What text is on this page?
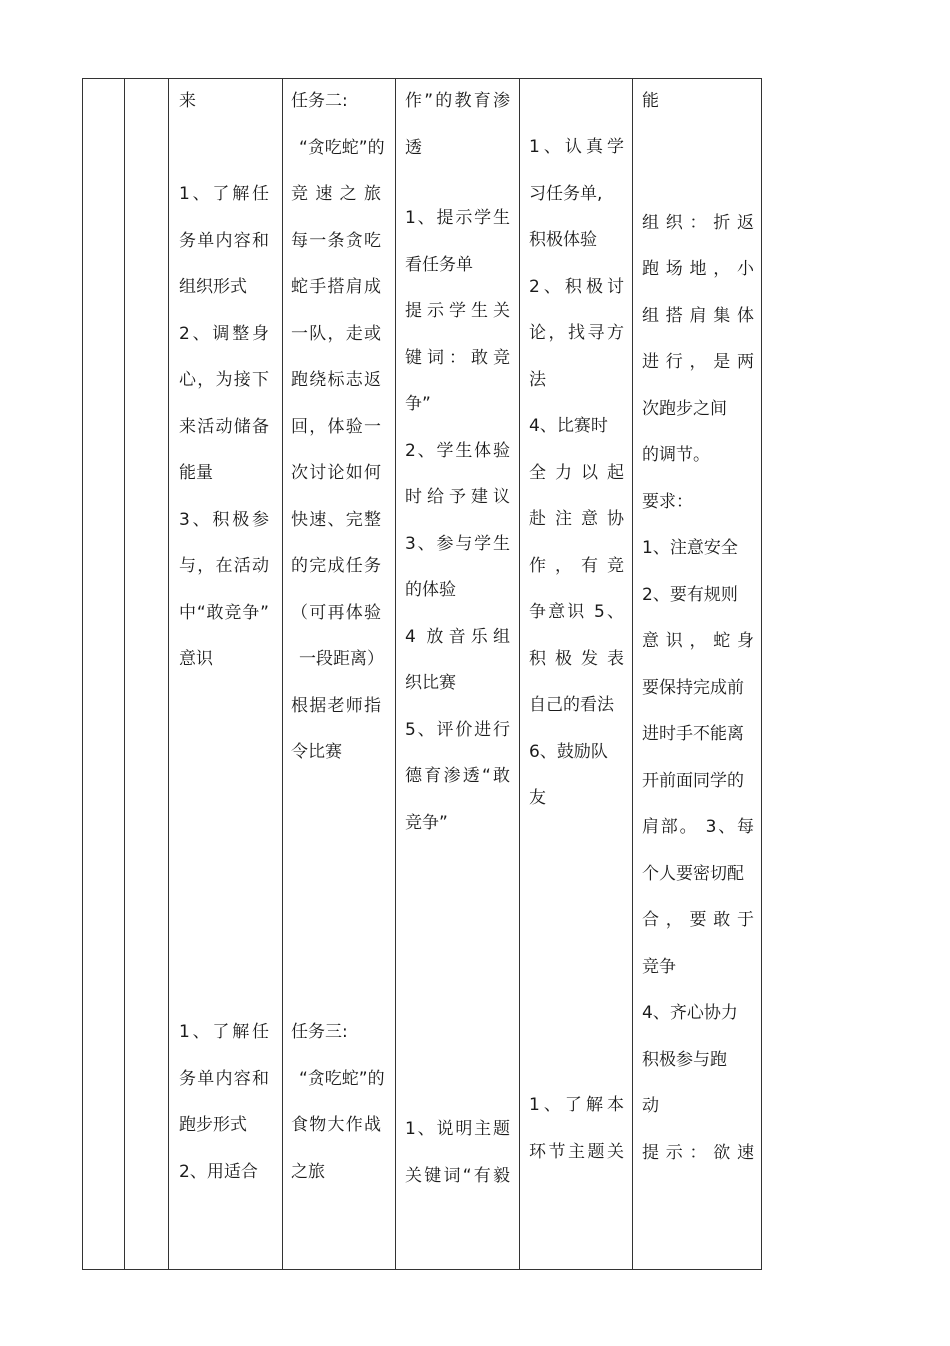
来

1、了解任

务单内容和

组织形式

2、调整身

心，为接下

来活动储备

能量

3、积极参

与，在活动

中“敢竞争”

意识

1、了解任

务单内容和

跑步形式

2、用适合

任务二:

“贪吃蛇”的

竞速之旅

每一条贪吃

蛇手搭肩成

一队，走或

跑绕标志返

回，体验一

次讨论如何

快速、完整

的完成任务

（可再体验

一段距离）

根据老师指

令比赛

任务三:

“贪吃蛇”的

食物大作战

之旅

作”的教育渗

透

1、提示学生

看任务单

提示学生关

键词：敢竞

争”

2、学生体验

时给予建议

3、参与学生

的体验

4 放音乐组

织比赛

5、评价进行

德育渗透“敢

竞争”

1、说明主题

关键词“有毅

1、认真学

习任务单,

积极体验

2、积极讨

论，找寻方

法

4、比赛时

全力以起

赴注意协

作，有竞

争意识 5、

积极发表

自己的看法

6、鼓励队

友

1、了解本

环节主题关

能

组织：折返

跑场地，小

组搭肩集体

进行，是两

次跑步之间

的调节。

要求：

1、注意安全

2、要有规则

意识，蛇身

要保持完成前

进时手不能离

开前面同学的

肩部。 3、每

个人要密切配

合，要敢于

竞争

4、齐心协力

积极参与跑

动

提示：欲速
